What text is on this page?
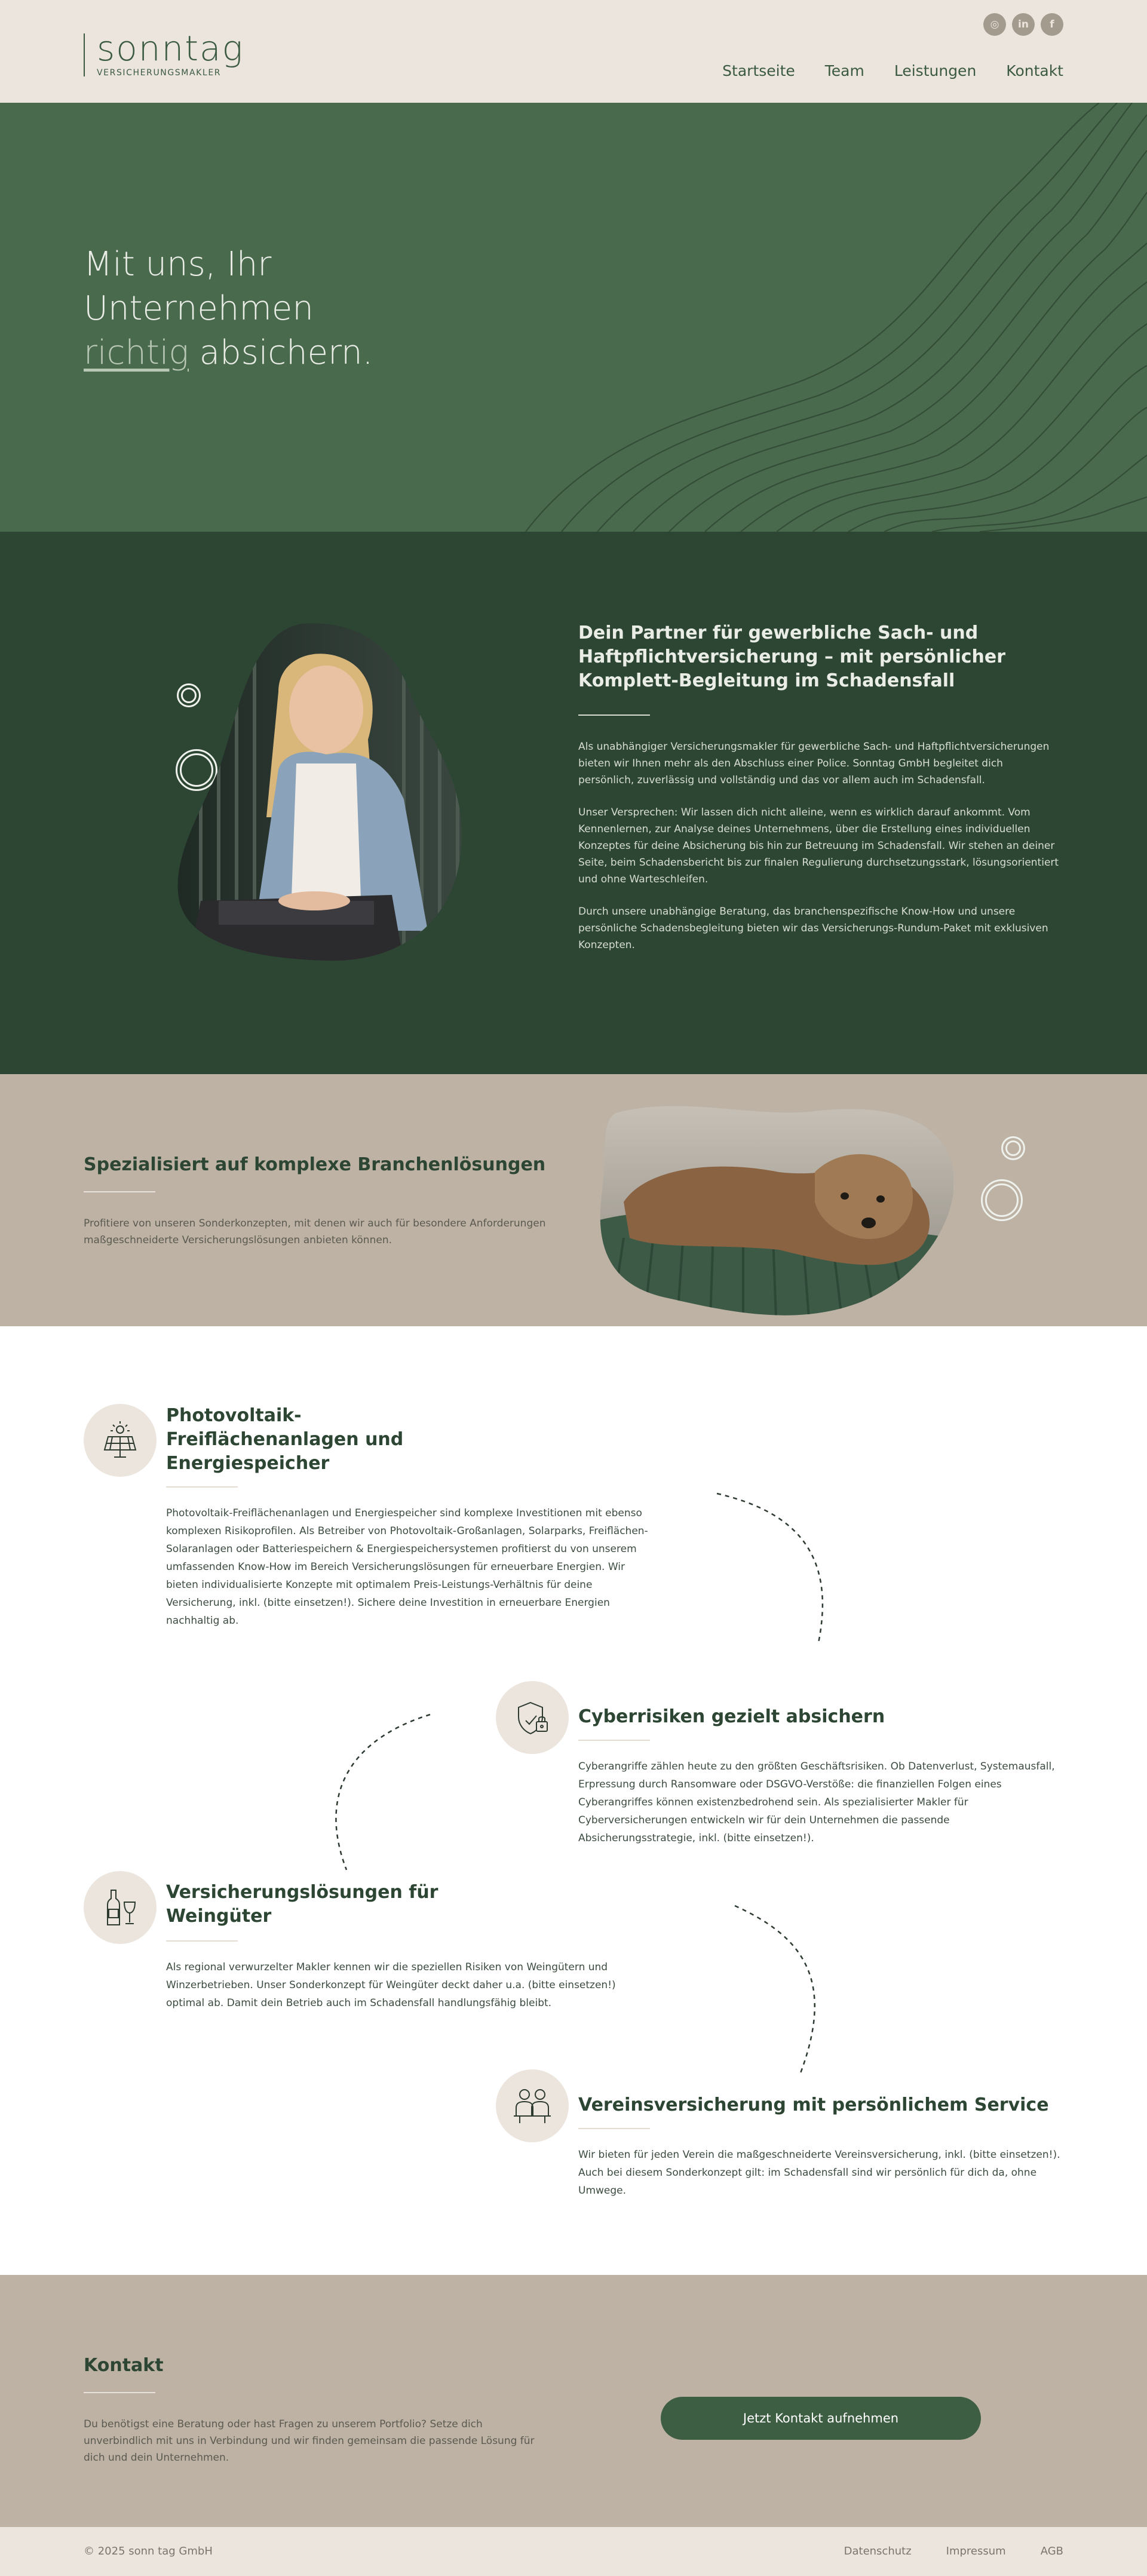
sonntag
VERSICHERUNGSMAKLER
◎	in	f
Startseite Team Leistungen Kontakt
Mit uns, Ihr
Unternehmen
richtig absichern.
Dein Partner für gewerbliche Sach- und Haftpflichtversicherung – mit persönlicher Komplett-Begleitung im Schadensfall

Als unabhängiger Versicherungsmakler für gewerbliche Sach- und Haftpflichtversicherungen bieten wir Ihnen mehr als den Abschluss einer Police. Sonntag GmbH begleitet dich persönlich, zuverlässig und vollständig und das vor allem auch im Schadensfall.

Unser Versprechen: Wir lassen dich nicht alleine, wenn es wirklich darauf ankommt. Vom Kennenlernen, zur Analyse deines Unternehmens, über die Erstellung eines individuellen Konzeptes für deine Absicherung bis hin zur Betreuung im Schadensfall. Wir stehen an deiner Seite, beim Schadensbericht bis zur finalen Regulierung durchsetzungsstark, lösungsorientiert und ohne Warteschleifen.

Durch unsere unabhängige Beratung, das branchenspezifische Know-How und unsere persönliche Schadensbegleitung bieten wir das Versicherungs-Rundum-Paket mit exklusiven Konzepten.

Spezialisiert auf komplexe Branchenlösungen

Profitiere von unseren Sonderkonzepten, mit denen wir auch für besondere Anforderungen maßgeschneiderte Versicherungslösungen anbieten können.

Photovoltaik-Freiflächenanlagen und Energiespeicher

Photovoltaik-Freiflächenanlagen und Energiespeicher sind komplexe Investitionen mit ebenso komplexen Risikoprofilen. Als Betreiber von Photovoltaik-Großanlagen, Solarparks, Freiflächen-Solaranlagen oder Batteriespeichern & Energiespeichersystemen profitierst du von unserem umfassenden Know-How im Bereich Versicherungslösungen für erneuerbare Energien. Wir bieten individualisierte Konzepte mit optimalem Preis-Leistungs-Verhältnis für deine Versicherung, inkl. (bitte einsetzen!). Sichere deine Investition in erneuerbare Energien nachhaltig ab.

Cyberrisiken gezielt absichern

Cyberangriffe zählen heute zu den größten Geschäftsrisiken. Ob Datenverlust, Systemausfall, Erpressung durch Ransomware oder DSGVO-Verstöße: die finanziellen Folgen eines Cyberangriffes können existenzbedrohend sein. Als spezialisierter Makler für Cyberversicherungen entwickeln wir für dein Unternehmen die passende Absicherungsstrategie, inkl. (bitte einsetzen!).

Versicherungslösungen für Weingüter

Als regional verwurzelter Makler kennen wir die speziellen Risiken von Weingütern und Winzerbetrieben. Unser Sonderkonzept für Weingüter deckt daher u.a. (bitte einsetzen!) optimal ab. Damit dein Betrieb auch im Schadensfall handlungsfähig bleibt.

Vereinsversicherung mit persönlichem Service

Wir bieten für jeden Verein die maßgeschneiderte Vereinsversicherung, inkl. (bitte einsetzen!). Auch bei diesem Sonderkonzept gilt: im Schadensfall sind wir persönlich für dich da, ohne Umwege.

Kontakt

Du benötigst eine Beratung oder hast Fragen zu unserem Portfolio? Setze dich unverbindlich mit uns in Verbindung und wir finden gemeinsam die passende Lösung für dich und dein Unternehmen.

Jetzt Kontakt aufnehmen
© 2025 sonn tag GmbH	Datenschutz	Impressum	AGB
